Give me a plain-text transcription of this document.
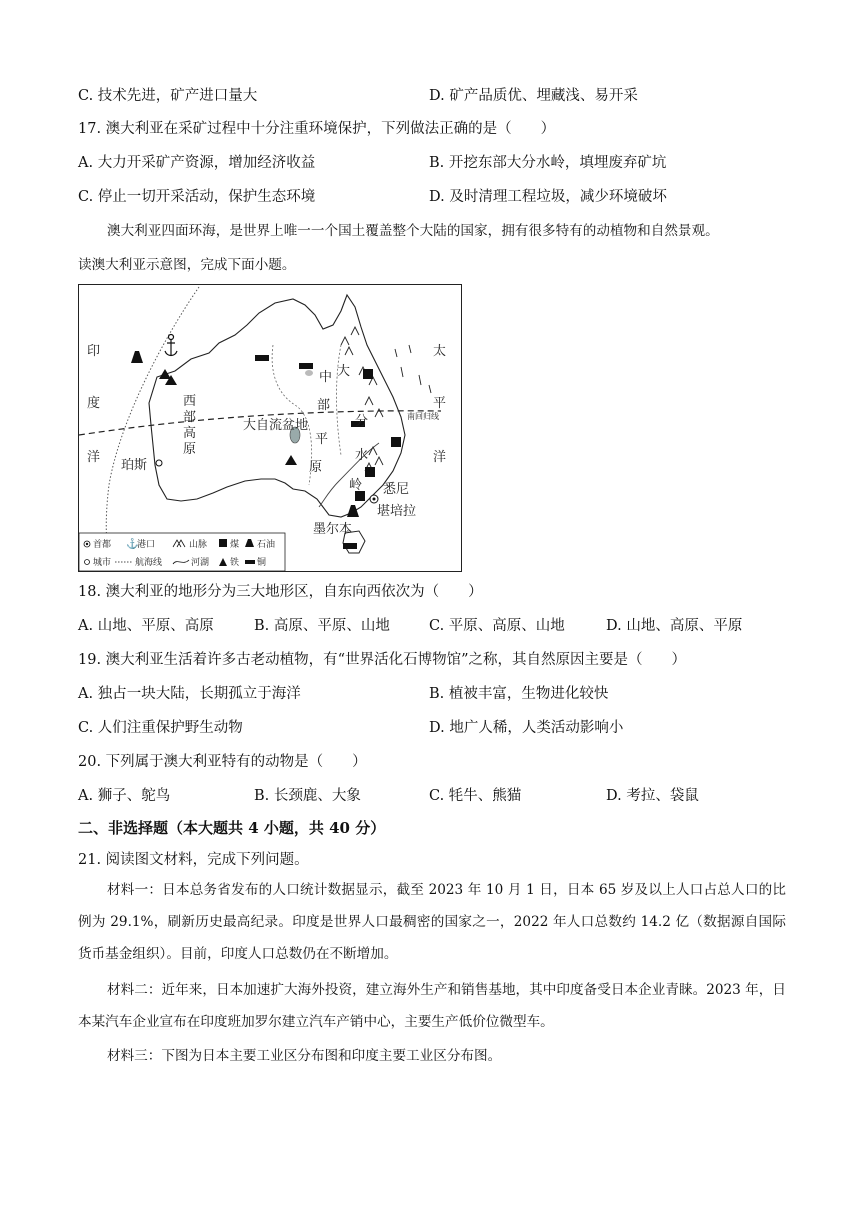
C. 技术先进，矿产进口量大	D. 矿产品质优、埋藏浅、易开采
17. 澳大利亚在采矿过程中十分注重环境保护，下列做法正确的是（　　）
A. 大力开采矿产资源，增加经济收益	B. 开挖东部大分水岭，填埋废弃矿坑
C. 停止一切开采活动，保护生态环境	D. 及时清理工程垃圾，减少环境破坏
澳大利亚四面环海，是世界上唯一一个国土覆盖整个大陆的国家，拥有很多特有的动植物和自然景观。
读澳大利亚示意图，完成下面小题。
印
度
洋
太
平
洋
西
部
高
原
中
部
平
原
大
分
水
岭
大自流盆地
南回归线
珀斯
悉尼
堪培拉
墨尔本
首都 ⚓
港口	山脉	煤 石油
城市	航海线	河湖 铁 铜
18. 澳大利亚的地形分为三大地形区，自东向西依次为（　　）
A. 山地、平原、高原	B. 高原、平原、山地	C. 平原、高原、山地	D. 山地、高原、平原
19. 澳大利亚生活着许多古老动植物，有“世界活化石博物馆”之称，其自然原因主要是（　　）
A. 独占一块大陆，长期孤立于海洋	B. 植被丰富，生物进化较快
C. 人们注重保护野生动物	D. 地广人稀，人类活动影响小
20. 下列属于澳大利亚特有的动物是（　　）
A. 狮子、鸵鸟	B. 长颈鹿、大象	C. 牦牛、熊猫	D. 考拉、袋鼠
二、非选择题（本大题共 4 小题，共 40 分）
21. 阅读图文材料，完成下列问题。
材料一：日本总务省发布的人口统计数据显示，截至 2023 年 10 月 1 日，日本 65 岁及以上人口占总人口的比例为 29.1%，刷新历史最高纪录。印度是世界人口最稠密的国家之一，2022 年人口总数约 14.2 亿（数据源自国际货币基金组织）。目前，印度人口总数仍在不断增加。
材料二：近年来，日本加速扩大海外投资，建立海外生产和销售基地，其中印度备受日本企业青睐。2023 年，日本某汽车企业宣布在印度班加罗尔建立汽车产销中心，主要生产低价位微型车。
材料三：下图为日本主要工业区分布图和印度主要工业区分布图。
